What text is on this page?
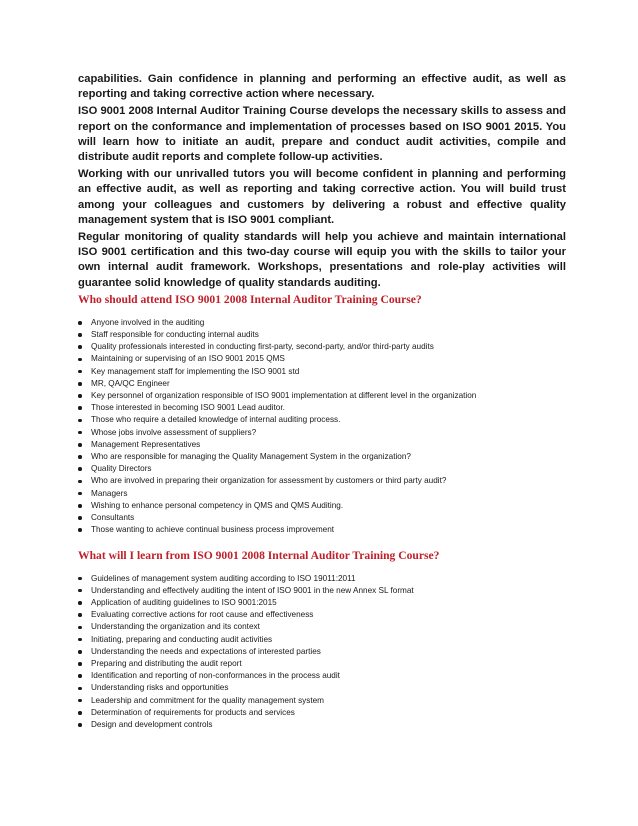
capabilities. Gain confidence in planning and performing an effective audit, as well as reporting and taking corrective action where necessary.

ISO 9001 2008 Internal Auditor Training Course develops the necessary skills to assess and report on the conformance and implementation of processes based on ISO 9001 2015. You will learn how to initiate an audit, prepare and conduct audit activities, compile and distribute audit reports and complete follow-up activities.

Working with our unrivalled tutors you will become confident in planning and performing an effective audit, as well as reporting and taking corrective action. You will build trust among your colleagues and customers by delivering a robust and effective quality management system that is ISO 9001 compliant.

Regular monitoring of quality standards will help you achieve and maintain international ISO 9001 certification and this two-day course will equip you with the skills to tailor your own internal audit framework. Workshops, presentations and role-play activities will guarantee solid knowledge of quality standards auditing.

Who should attend ISO 9001 2008 Internal Auditor Training Course?
Anyone involved in the auditing
Staff responsible for conducting internal audits
Quality professionals interested in conducting first-party, second-party, and/or third-party audits
Maintaining or supervising of an ISO 9001 2015 QMS
Key management staff for implementing the ISO 9001 std
MR, QA/QC Engineer
Key personnel of organization responsible of ISO 9001 implementation at different level in the organization
Those interested in becoming ISO 9001 Lead auditor.
Those who require a detailed knowledge of internal auditing process.
Whose jobs involve assessment of suppliers?
Management Representatives
Who are responsible for managing the Quality Management System in the organization?
Quality Directors
Who are involved in preparing their organization for assessment by customers or third party audit?
Managers
Wishing to enhance personal competency in QMS and QMS Auditing.
Consultants
Those wanting to achieve continual business process improvement
What will I learn from ISO 9001 2008 Internal Auditor Training Course?
Guidelines of management system auditing according to ISO 19011:2011
Understanding and effectively auditing the intent of ISO 9001 in the new Annex SL format
Application of auditing guidelines to ISO 9001:2015
Evaluating corrective actions for root cause and effectiveness
Understanding the organization and its context
Initiating, preparing and conducting audit activities
Understanding the needs and expectations of interested parties
Preparing and distributing the audit report
Identification and reporting of non-conformances in the process audit
Understanding risks and opportunities
Leadership and commitment for the quality management system
Determination of requirements for products and services
Design and development controls
